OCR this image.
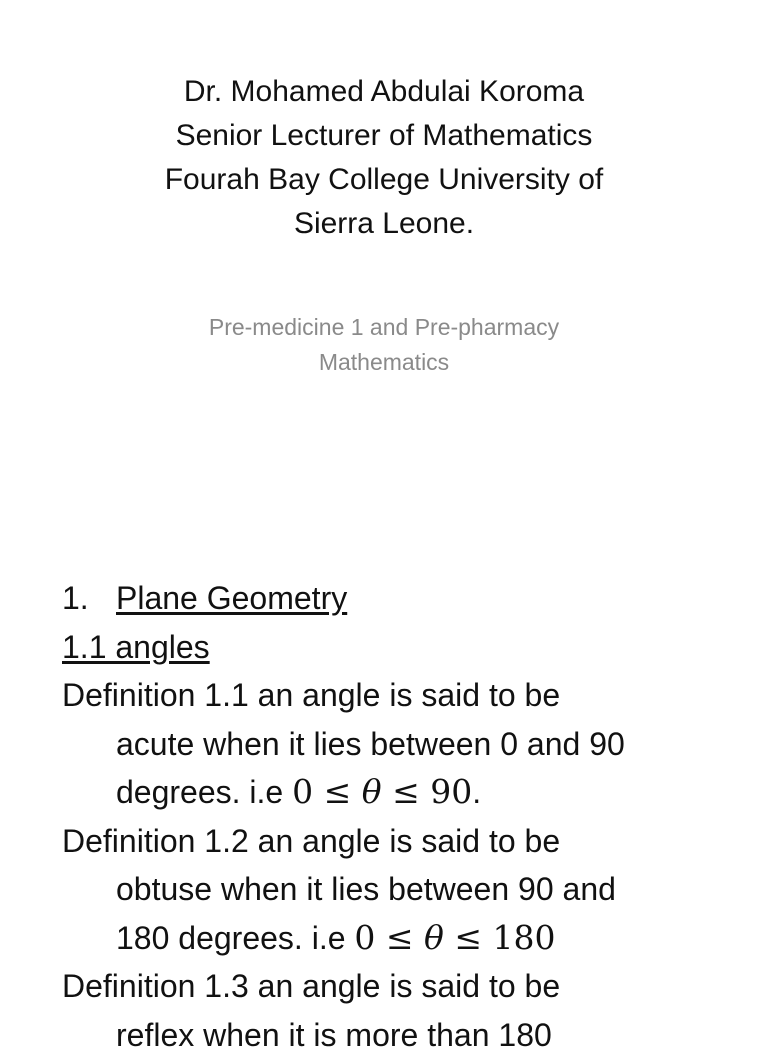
Dr. Mohamed Abdulai Koroma
Senior Lecturer of Mathematics
Fourah Bay College University of
Sierra Leone.
Pre-medicine 1 and Pre-pharmacy
Mathematics
1. Plane Geometry
1.1 angles
Definition 1.1 an angle is said to be
acute when it lies between 0 and 90
degrees. i.e 0 ≤ θ ≤ 90.
Definition 1.2 an angle is said to be
obtuse when it lies between 90 and
180 degrees. i.e 0 ≤ θ ≤ 180
Definition 1.3 an angle is said to be
reflex when it is more than 180
